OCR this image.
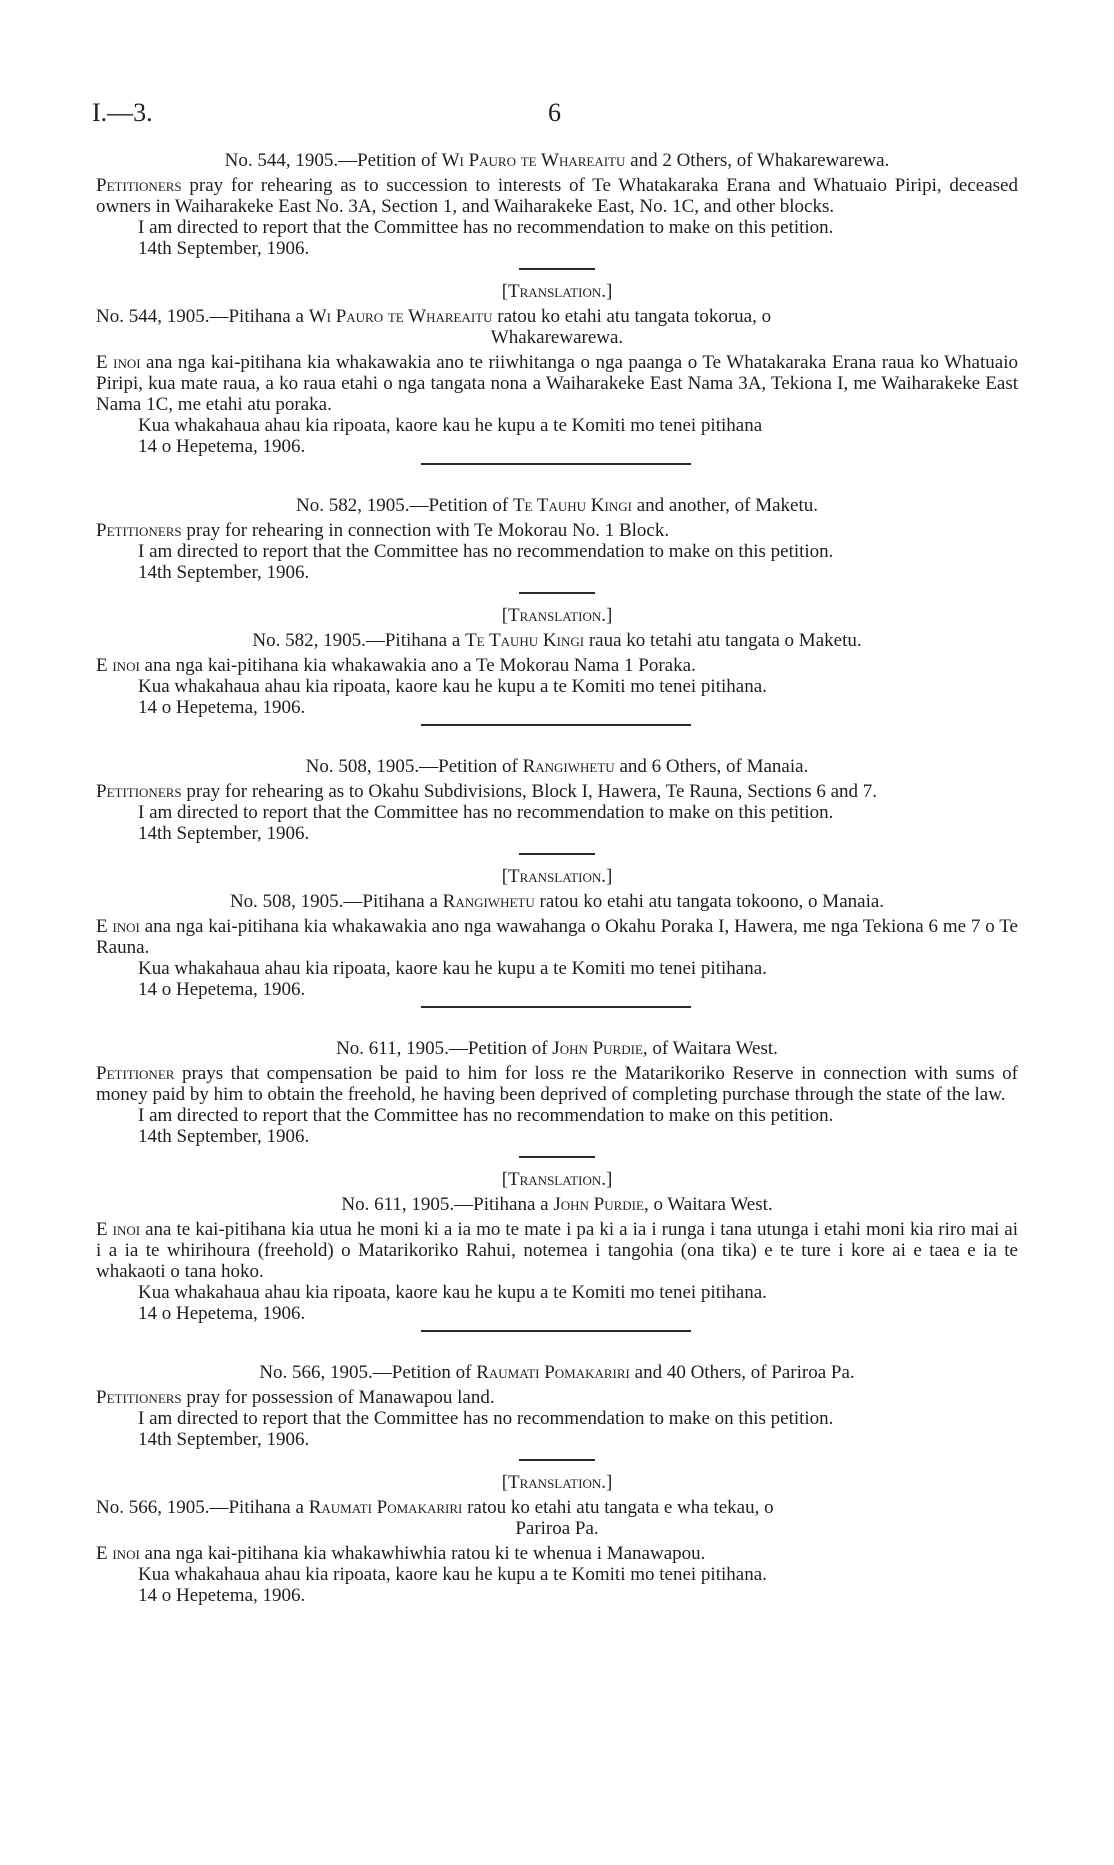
I.—3.	6

No. 544, 1905.—Petition of Wi Pauro te Whareaitu and 2 Others, of Whakarewarewa.

Petitioners pray for rehearing as to succession to interests of Te Whatakaraka Erana and Whatuaio Piripi, deceased owners in Waiharakeke East No. 3A, Section 1, and Waiharakeke East, No. 1C, and other blocks.

I am directed to report that the Committee has no recommendation to make on this petition.

14th September, 1906.

[Translation.]

No. 544, 1905.—Pitihana a Wi Pauro te Whareaitu ratou ko etahi atu tangata tokorua, o
Whakarewarewa.

E inoi ana nga kai-pitihana kia whakawakia ano te riiwhitanga o nga paanga o Te Whatakaraka Erana raua ko Whatuaio Piripi, kua mate raua, a ko raua etahi o nga tangata nona a Waiharakeke East Nama 3A, Tekiona I, me Waiharakeke East Nama 1C, me etahi atu poraka.

Kua whakahaua ahau kia ripoata, kaore kau he kupu a te Komiti mo tenei pitihana

14 o Hepetema, 1906.

No. 582, 1905.—Petition of Te Tauhu Kingi and another, of Maketu.

Petitioners pray for rehearing in connection with Te Mokorau No. 1 Block.

I am directed to report that the Committee has no recommendation to make on this petition.

14th September, 1906.

[Translation.]

No. 582, 1905.—Pitihana a Te Tauhu Kingi raua ko tetahi atu tangata o Maketu.

E inoi ana nga kai-pitihana kia whakawakia ano a Te Mokorau Nama 1 Poraka.

Kua whakahaua ahau kia ripoata, kaore kau he kupu a te Komiti mo tenei pitihana.

14 o Hepetema, 1906.

No. 508, 1905.—Petition of Rangiwhetu and 6 Others, of Manaia.

Petitioners pray for rehearing as to Okahu Subdivisions, Block I, Hawera, Te Rauna, Sections 6 and 7.

I am directed to report that the Committee has no recommendation to make on this petition.

14th September, 1906.

[Translation.]

No. 508, 1905.—Pitihana a Rangiwhetu ratou ko etahi atu tangata tokoono, o Manaia.

E inoi ana nga kai-pitihana kia whakawakia ano nga wawahanga o Okahu Poraka I, Hawera, me nga Tekiona 6 me 7 o Te Rauna.

Kua whakahaua ahau kia ripoata, kaore kau he kupu a te Komiti mo tenei pitihana.

14 o Hepetema, 1906.

No. 611, 1905.—Petition of John Purdie, of Waitara West.

Petitioner prays that compensation be paid to him for loss re the Matarikoriko Reserve in connection with sums of money paid by him to obtain the freehold, he having been deprived of completing purchase through the state of the law.

I am directed to report that the Committee has no recommendation to make on this petition.

14th September, 1906.

[Translation.]

No. 611, 1905.—Pitihana a John Purdie, o Waitara West.

E inoi ana te kai-pitihana kia utua he moni ki a ia mo te mate i pa ki a ia i runga i tana utunga i etahi moni kia riro mai ai i a ia te whirihoura (freehold) o Matarikoriko Rahui, notemea i tangohia (ona tika) e te ture i kore ai e taea e ia te whakaoti o tana hoko.

Kua whakahaua ahau kia ripoata, kaore kau he kupu a te Komiti mo tenei pitihana.

14 o Hepetema, 1906.

No. 566, 1905.—Petition of Raumati Pomakariri and 40 Others, of Pariroa Pa.

Petitioners pray for possession of Manawapou land.

I am directed to report that the Committee has no recommendation to make on this petition.

14th September, 1906.

[Translation.]

No. 566, 1905.—Pitihana a Raumati Pomakariri ratou ko etahi atu tangata e wha tekau, o
Pariroa Pa.

E inoi ana nga kai-pitihana kia whakawhiwhia ratou ki te whenua i Manawapou.

Kua whakahaua ahau kia ripoata, kaore kau he kupu a te Komiti mo tenei pitihana.

14 o Hepetema, 1906.
